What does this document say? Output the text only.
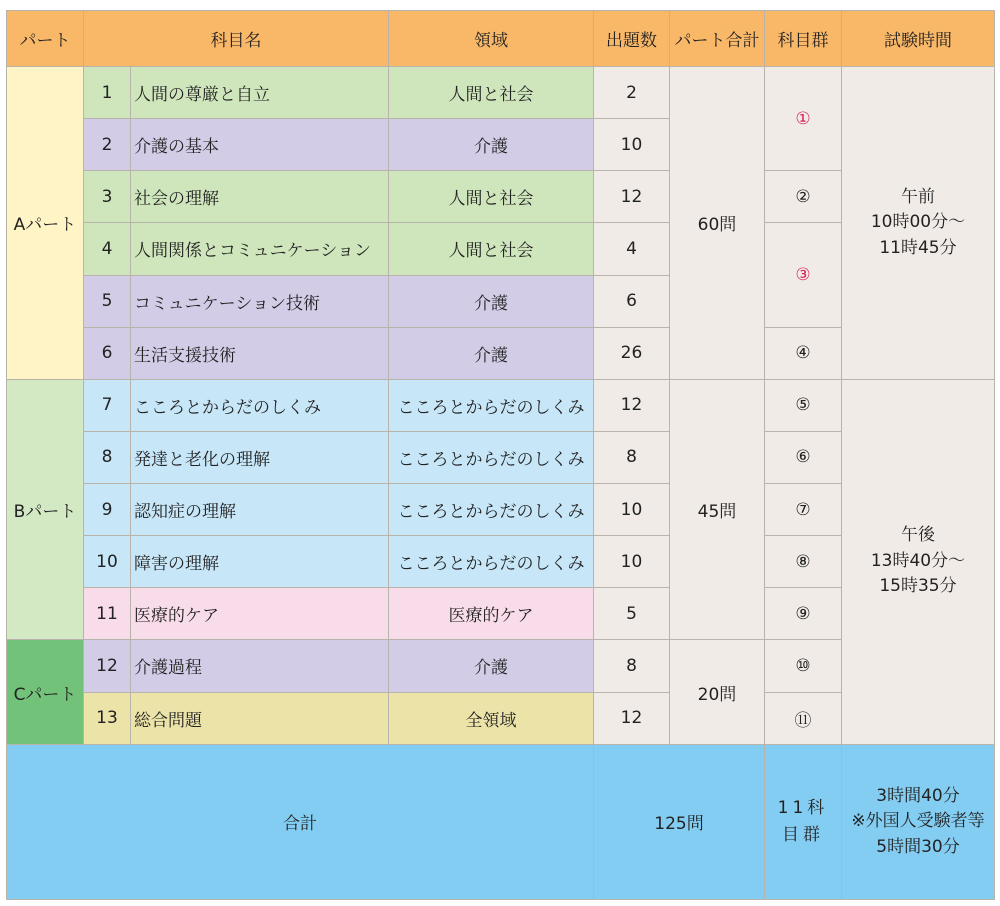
パート	科目名		領域	出題数	パート合計	科目群	試験時間
Aパート	1	人間の尊厳と自立	人間と社会	2	60問	①	午前
10時00分～
11時45分

	2	介護の基本	介護	10			
	3	社会の理解	人間と社会	12		②	
	4	人間関係とコミュニケーション	人間と社会	4		③	
	5	コミュニケーション技術	介護	6			
	6	生活支援技術	介護	26		④	
Bパート	7	こころとからだのしくみ	こころとからだのしくみ	12	45問	⑤	午後
13時40分～
15時35分

	8	発達と老化の理解	こころとからだのしくみ	8		⑥	
	9	認知症の理解	こころとからだのしくみ	10		⑦	
	10	障害の理解	こころとからだのしくみ	10		⑧	
	11	医療的ケア	医療的ケア	5		⑨	
Cパート	12	介護過程	介護	8	20問	⑩	
	13	総合問題	全領域	12		⑪	
合計				125問		11科目群	3時間40分
※外国人受験者等
5時間30分
